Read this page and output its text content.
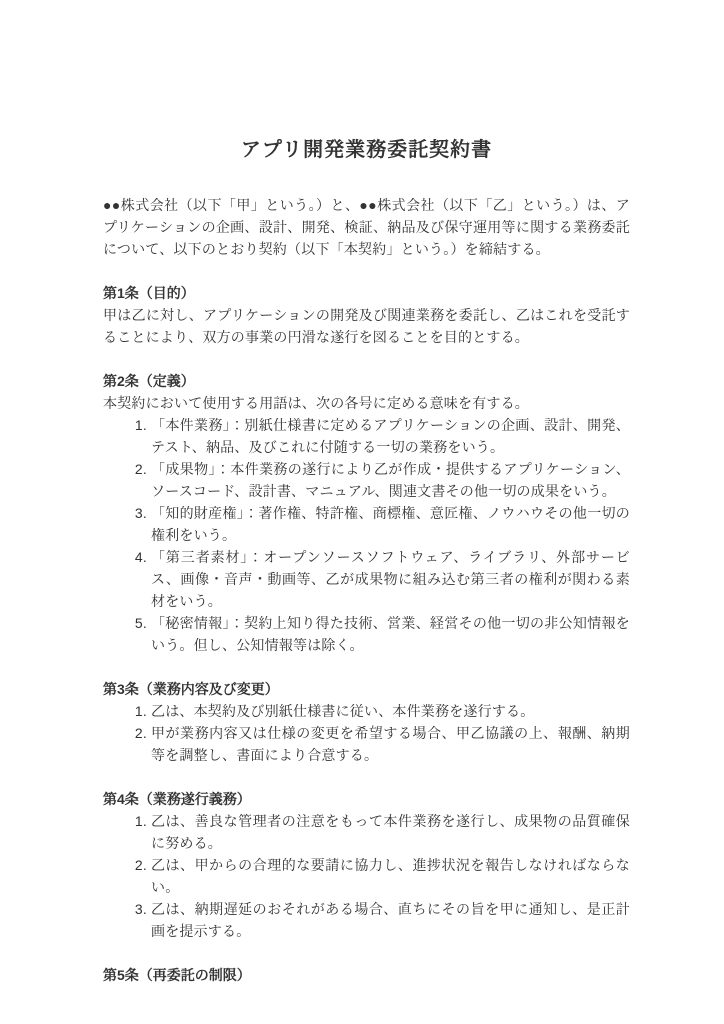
アプリ開発業務委託契約書

●●株式会社（以下「甲」という。）と、●●株式会社（以下「乙」という。）は、アプリケーションの企画、設計、開発、検証、納品及び保守運用等に関する業務委託について、以下のとおり契約（以下「本契約」という。）を締結する。

第1条（目的）

甲は乙に対し、アプリケーションの開発及び関連業務を委託し、乙はこれを受託することにより、双方の事業の円滑な遂行を図ることを目的とする。

第2条（定義）

本契約において使用する用語は、次の各号に定める意味を有する。

1. 「本件業務」：別紙仕様書に定めるアプリケーションの企画、設計、開発、テスト、納品、及びこれに付随する一切の業務をいう。
2. 「成果物」：本件業務の遂行により乙が作成・提供するアプリケーション、ソースコード、設計書、マニュアル、関連文書その他一切の成果をいう。
3. 「知的財産権」：著作権、特許権、商標権、意匠権、ノウハウその他一切の権利をいう。
4. 「第三者素材」：オープンソースソフトウェア、ライブラリ、外部サービス、画像・音声・動画等、乙が成果物に組み込む第三者の権利が関わる素材をいう。
5. 「秘密情報」：契約上知り得た技術、営業、経営その他一切の非公知情報をいう。但し、公知情報等は除く。
第3条（業務内容及び変更）
1. 乙は、本契約及び別紙仕様書に従い、本件業務を遂行する。
2. 甲が業務内容又は仕様の変更を希望する場合、甲乙協議の上、報酬、納期等を調整し、書面により合意する。
第4条（業務遂行義務）
1. 乙は、善良な管理者の注意をもって本件業務を遂行し、成果物の品質確保に努める。
2. 乙は、甲からの合理的な要請に協力し、進捗状況を報告しなければならない。
3. 乙は、納期遅延のおそれがある場合、直ちにその旨を甲に通知し、是正計画を提示する。
第5条（再委託の制限）
